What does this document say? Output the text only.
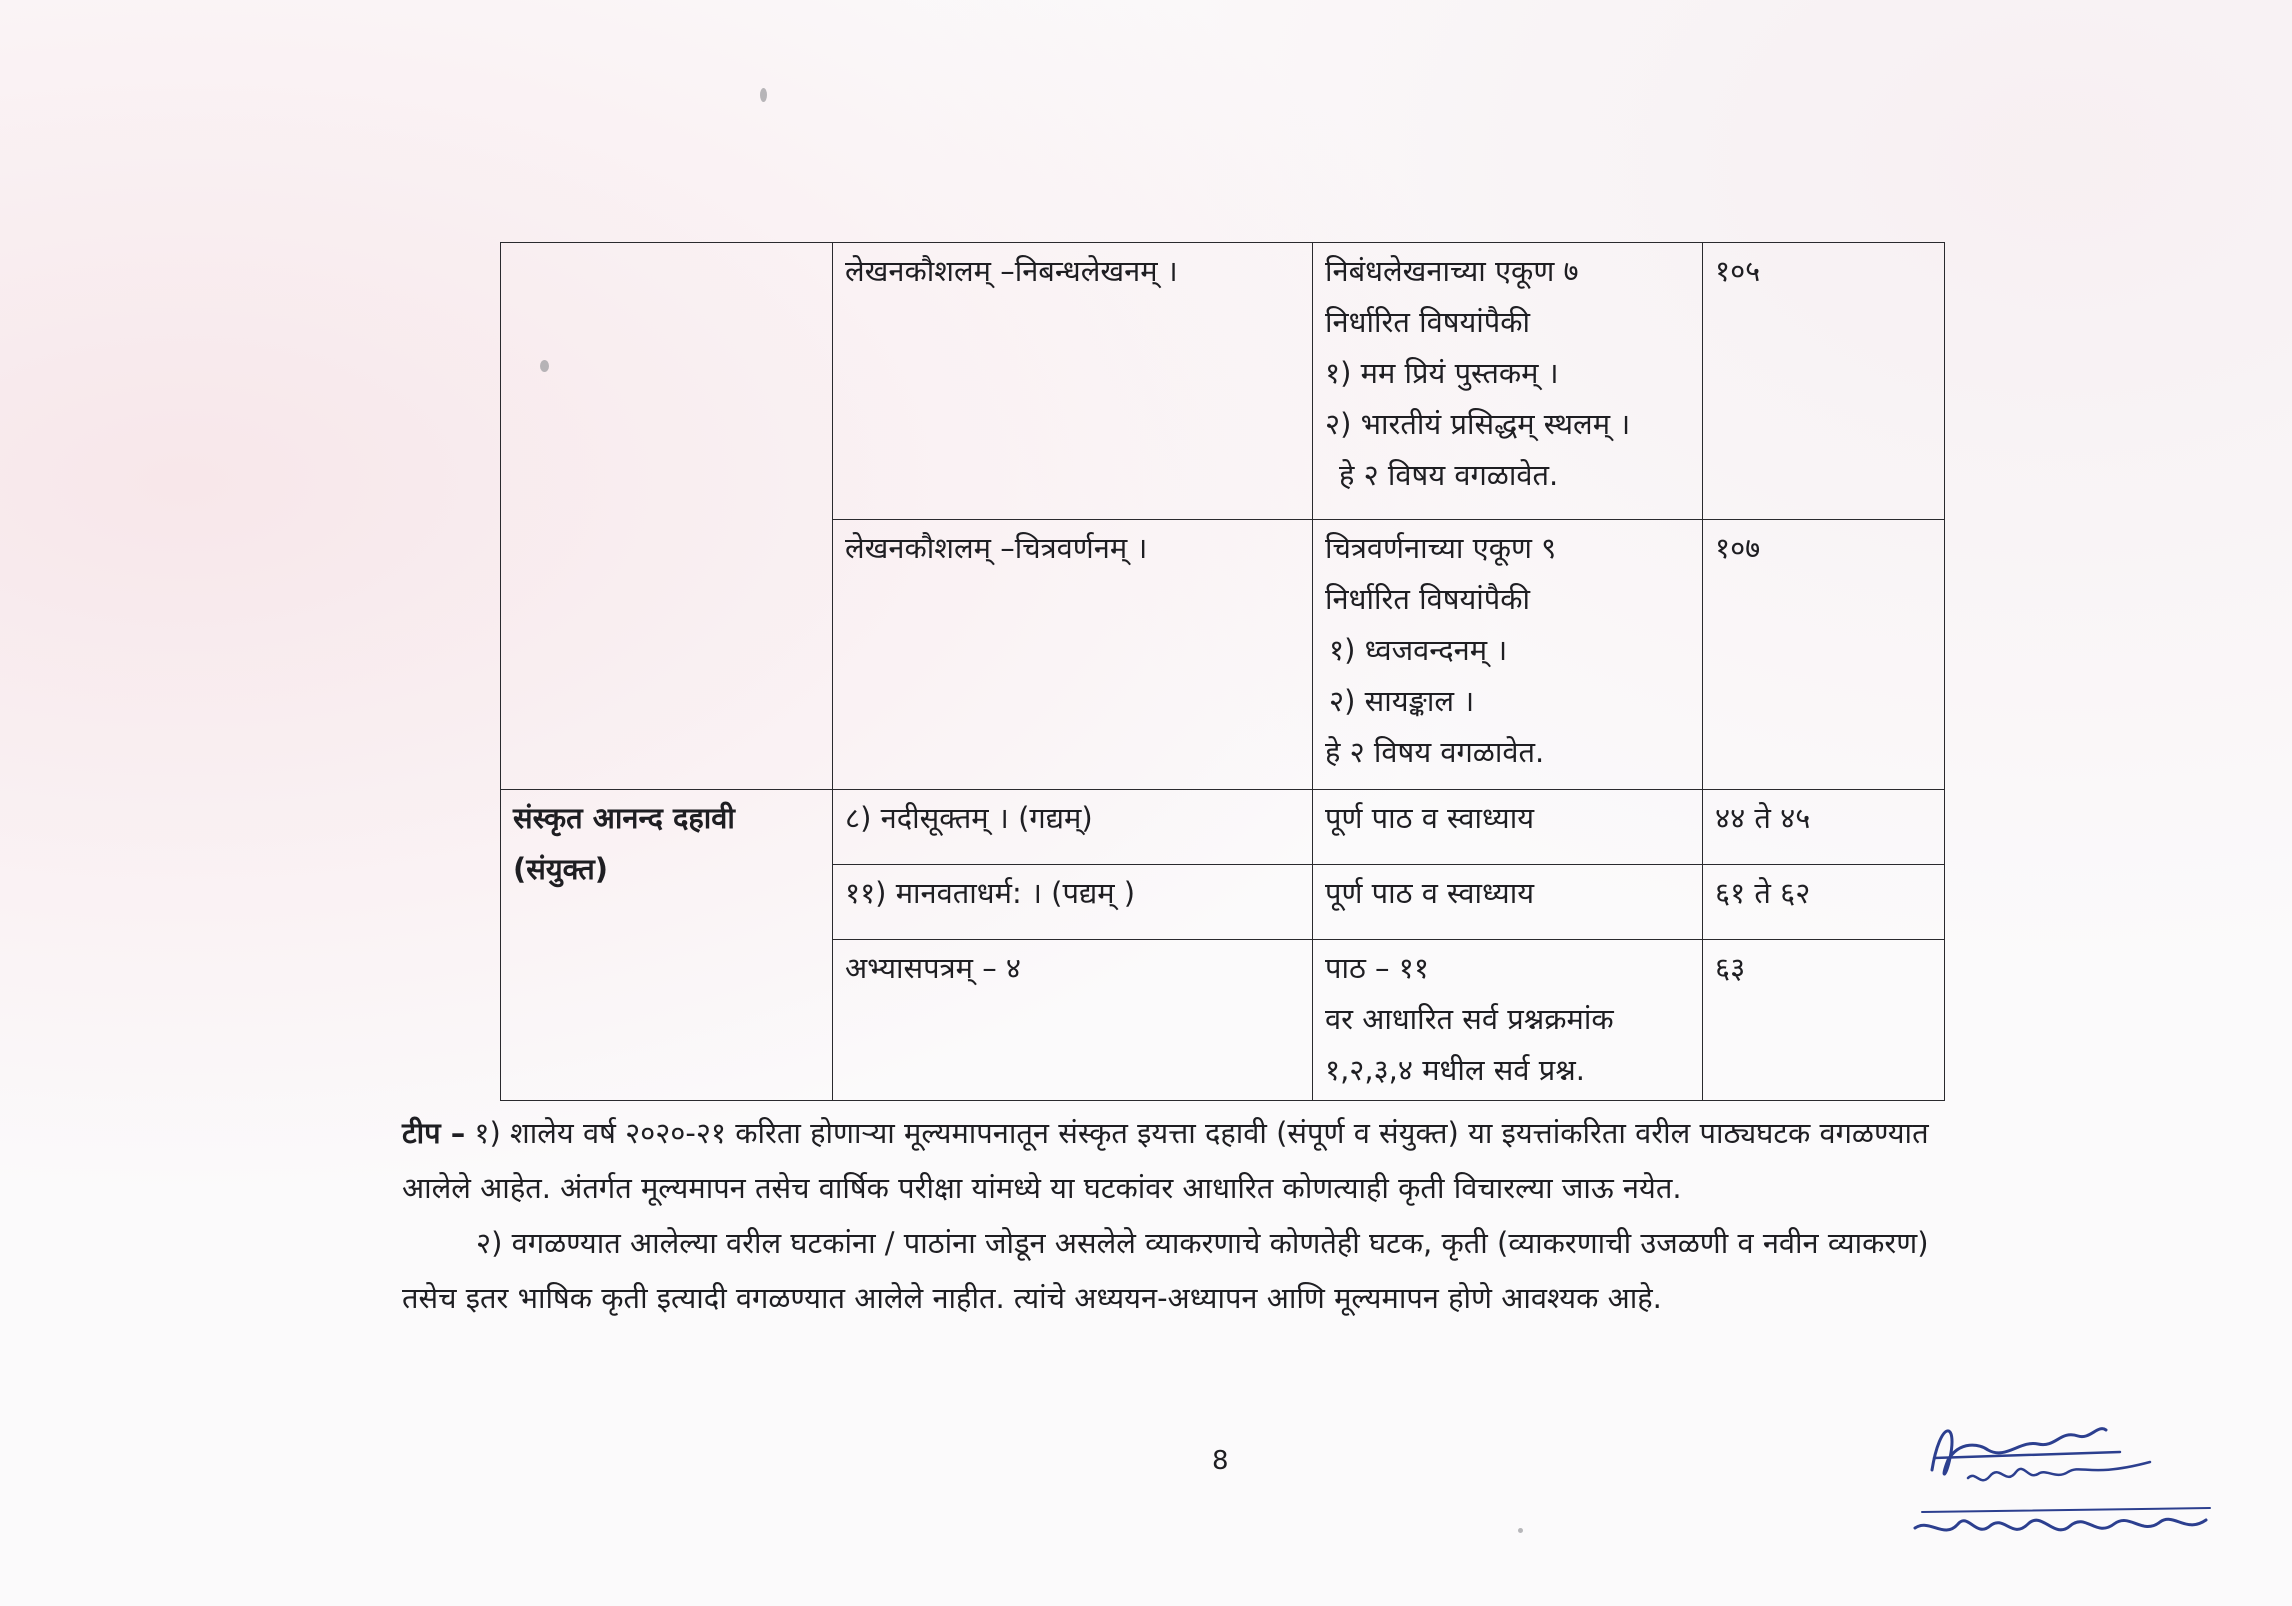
	लेखनकौशलम् –निबन्धलेखनम् ।	निबंधलेखनाच्या एकूण ७
निर्धारित विषयांपैकी
१) मम प्रियं पुस्तकम् ।
२) भारतीयं प्रसिद्धम् स्थलम् ।
हे २ विषय वगळावेत.	१०५

	लेखनकौशलम् –चित्रवर्णनम् ।	चित्रवर्णनाच्या एकूण ९
निर्धारित विषयांपैकी
१) ध्वजवन्दनम् ।
२) सायङ्काल ।
हे २ विषय वगळावेत.	१०७

संस्कृत आनन्द दहावी
(संयुक्त)	८) नदीसूक्तम् । (गद्यम्)	पूर्ण पाठ व स्वाध्याय	४४ ते ४५

	११) मानवताधर्म: । (पद्यम् )	पूर्ण पाठ व स्वाध्याय	६१ ते ६२

	अभ्यासपत्रम् – ४	पाठ – ११
वर आधारित सर्व प्रश्नक्रमांक
१,२,३,४ मधील सर्व प्रश्न.	६३
टीप – १) शालेय वर्ष २०२०-२१ करिता होणाऱ्या मूल्यमापनातून संस्कृत इयत्ता दहावी (संपूर्ण व संयुक्त) या इयत्तांकरिता वरील पाठ्यघटक वगळण्यात
आलेले आहेत. अंतर्गत मूल्यमापन तसेच वार्षिक परीक्षा यांमध्ये या घटकांवर आधारित कोणत्याही कृती विचारल्या जाऊ नयेत.
२) वगळण्यात आलेल्या वरील घटकांना / पाठांना जोडून असलेले व्याकरणाचे कोणतेही घटक, कृती (व्याकरणाची उजळणी व नवीन व्याकरण)
तसेच इतर भाषिक कृती इत्यादी वगळण्यात आलेले नाहीत. त्यांचे अध्ययन-अध्यापन आणि मूल्यमापन होणे आवश्यक आहे.
8
